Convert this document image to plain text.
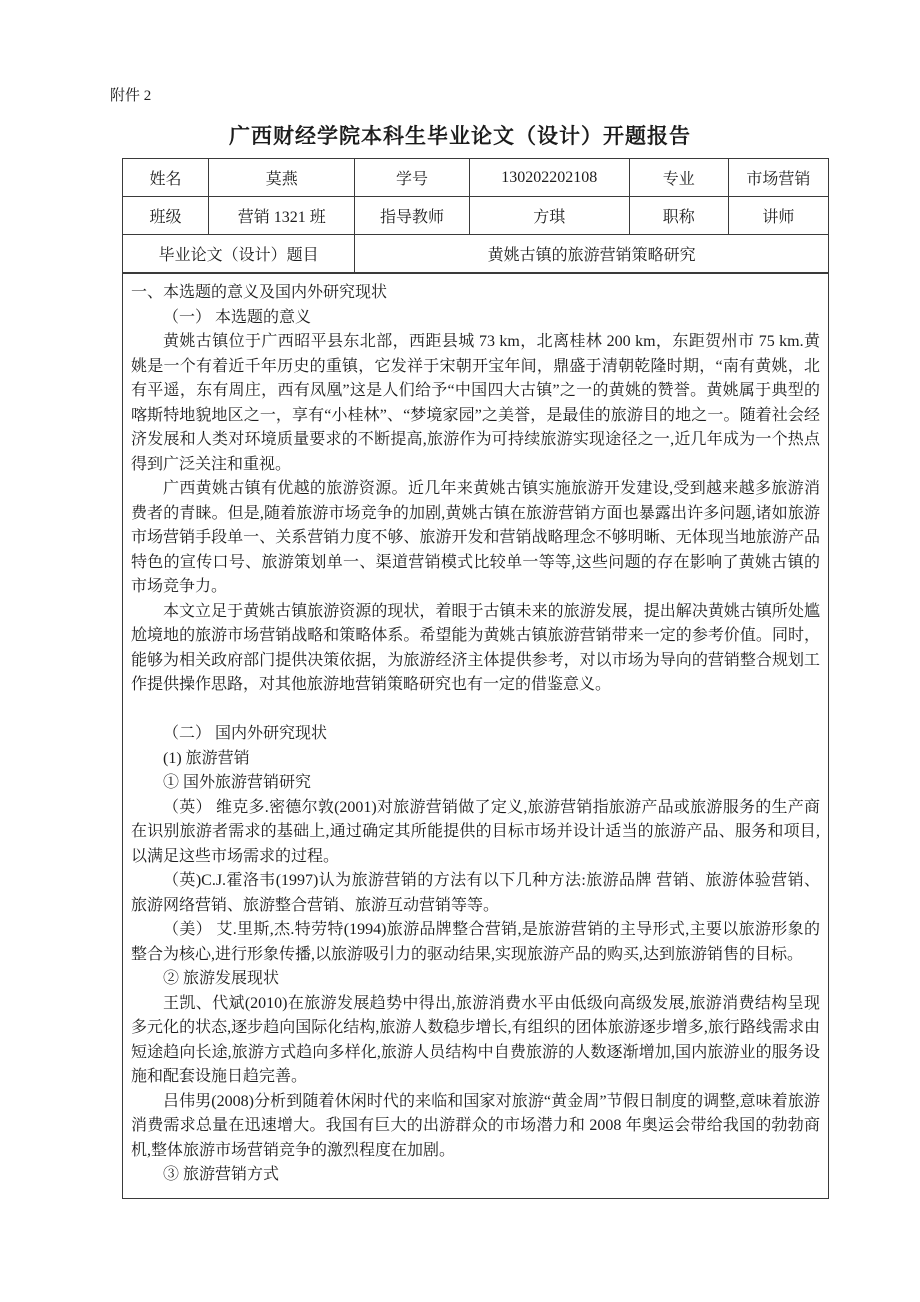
附件 2
广西财经学院本科生毕业论文（设计）开题报告
姓名	莫燕	学号	130202202108	专业	市场营销
班级	营销 1321 班	指导教师	方琪	职称	讲师
毕业论文（设计）题目		黄姚古镇的旅游营销策略研究			

一、本选题的意义及国内外研究现状

（一） 本选题的意义

黄姚古镇位于广西昭平县东北部，西距县城 73 km，北离桂林 200 km，东距贺州市 75 km.黄姚是一个有着近千年历史的重镇，它发祥于宋朝开宝年间，鼎盛于清朝乾隆时期，“南有黄姚，北有平遥，东有周庄，西有凤凰”这是人们给予“中国四大古镇”之一的黄姚的赞誉。黄姚属于典型的喀斯特地貌地区之一，享有“小桂林”、“梦境家园”之美誉，是最佳的旅游目的地之一。随着社会经济发展和人类对环境质量要求的不断提高,旅游作为可持续旅游实现途径之一,近几年成为一个热点得到广泛关注和重视。

广西黄姚古镇有优越的旅游资源。近几年来黄姚古镇实施旅游开发建设,受到越来越多旅游消费者的青睐。但是,随着旅游市场竞争的加剧,黄姚古镇在旅游营销方面也暴露出许多问题,诸如旅游市场营销手段单一、关系营销力度不够、旅游开发和营销战略理念不够明晰、无体现当地旅游产品特色的宣传口号、旅游策划单一、渠道营销模式比较单一等等,这些问题的存在影响了黄姚古镇的市场竞争力。

本文立足于黄姚古镇旅游资源的现状，着眼于古镇未来的旅游发展，提出解决黄姚古镇所处尴尬境地的旅游市场营销战略和策略体系。希望能为黄姚古镇旅游营销带来一定的参考价值。同时，能够为相关政府部门提供决策依据，为旅游经济主体提供参考，对以市场为导向的营销整合规划工作提供操作思路，对其他旅游地营销策略研究也有一定的借鉴意义。

（二） 国内外研究现状

(1) 旅游营销

① 国外旅游营销研究

（英） 维克多.密德尔敦(2001)对旅游营销做了定义,旅游营销指旅游产品或旅游服务的生产商在识别旅游者需求的基础上,通过确定其所能提供的目标市场并设计适当的旅游产品、服务和项目,以满足这些市场需求的过程。

（英)C.J.霍洛韦(1997)认为旅游营销的方法有以下几种方法:旅游品牌 营销、旅游体验营销、旅游网络营销、旅游整合营销、旅游互动营销等等。

（美） 艾.里斯,杰.特劳特(1994)旅游品牌整合营销,是旅游营销的主导形式,主要以旅游形象的整合为核心,进行形象传播,以旅游吸引力的驱动结果,实现旅游产品的购买,达到旅游销售的目标。

② 旅游发展现状

王凯、代斌(2010)在旅游发展趋势中得出,旅游消费水平由低级向高级发展,旅游消费结构呈现多元化的状态,逐步趋向国际化结构,旅游人数稳步增长,有组织的团体旅游逐步增多,旅行路线需求由短途趋向长途,旅游方式趋向多样化,旅游人员结构中自费旅游的人数逐渐增加,国内旅游业的服务设施和配套设施日趋完善。

吕伟男(2008)分析到随着休闲时代的来临和国家对旅游“黄金周”节假日制度的调整,意味着旅游消费需求总量在迅速增大。我国有巨大的出游群众的市场潜力和 2008 年奥运会带给我国的勃勃商机,整体旅游市场营销竞争的激烈程度在加剧。

③ 旅游营销方式
